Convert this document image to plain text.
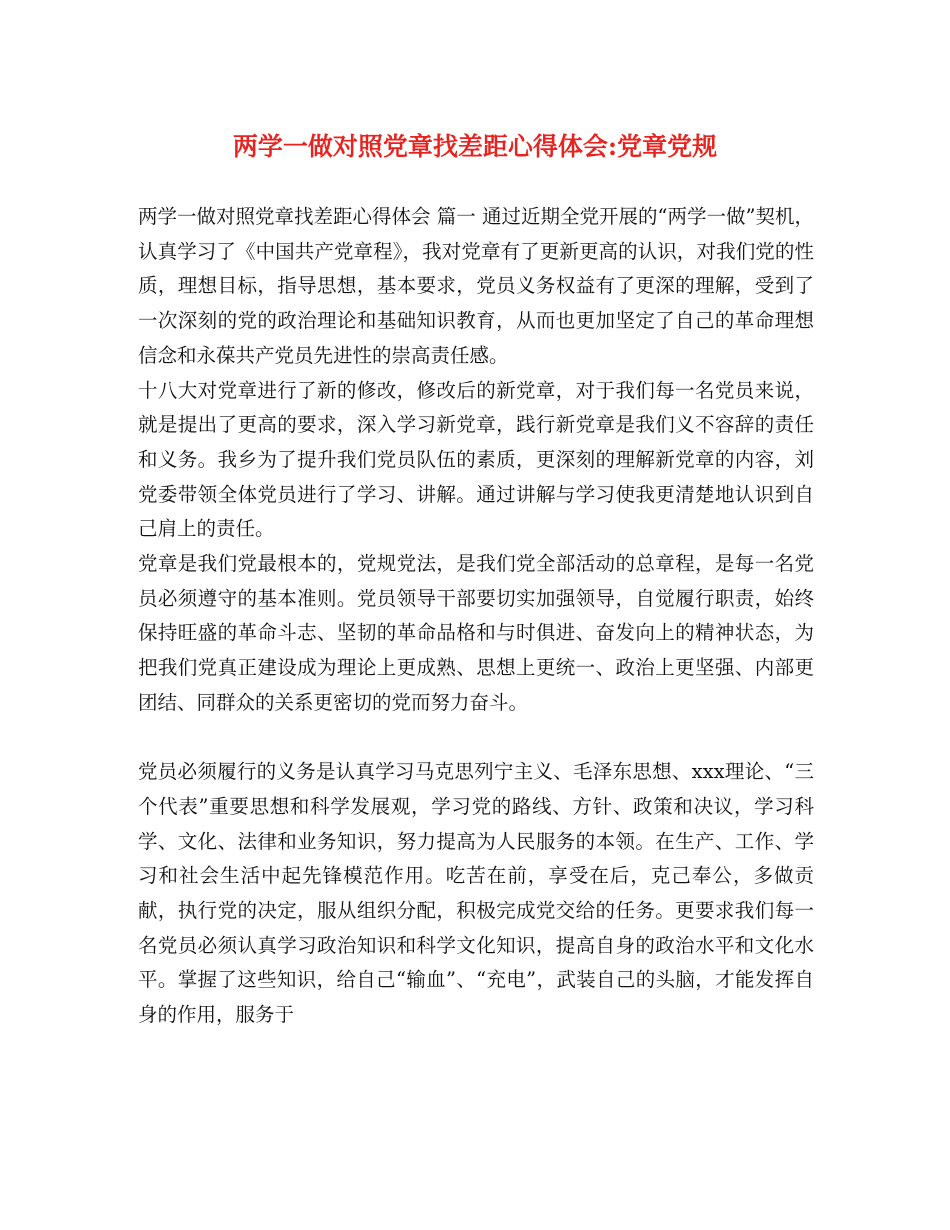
两学一做对照党章找差距心得体会:党章党规

两学一做对照党章找差距心得体会 篇一 通过近期全党开展的“两学一做”契机，认真学习了《中国共产党章程》，我对党章有了更新更高的认识，对我们党的性质，理想目标，指导思想，基本要求，党员义务权益有了更深的理解，受到了一次深刻的党的政治理论和基础知识教育，从而也更加坚定了自己的革命理想信念和永葆共产党员先进性的崇高责任感。

十八大对党章进行了新的修改，修改后的新党章，对于我们每一名党员来说，就是提出了更高的要求，深入学习新党章，践行新党章是我们义不容辞的责任和义务。我乡为了提升我们党员队伍的素质，更深刻的理解新党章的内容，刘党委带领全体党员进行了学习、讲解。通过讲解与学习使我更清楚地认识到自己肩上的责任。

党章是我们党最根本的，党规党法，是我们党全部活动的总章程，是每一名党员必须遵守的基本准则。党员领导干部要切实加强领导，自觉履行职责，始终保持旺盛的革命斗志、坚韧的革命品格和与时俱进、奋发向上的精神状态，为把我们党真正建设成为理论上更成熟、思想上更统一、政治上更坚强、内部更团结、同群众的关系更密切的党而努力奋斗。

党员必须履行的义务是认真学习马克思列宁主义、毛泽东思想、xxx理论、“三个代表”重要思想和科学发展观，学习党的路线、方针、政策和决议，学习科学、文化、法律和业务知识，努力提高为人民服务的本领。在生产、工作、学习和社会生活中起先锋模范作用。吃苦在前，享受在后，克己奉公，多做贡献，执行党的决定，服从组织分配，积极完成党交给的任务。更要求我们每一名党员必须认真学习政治知识和科学文化知识，提高自身的政治水平和文化水平。掌握了这些知识，给自己“输血”、“充电”，武装自己的头脑，才能发挥自身的作用，服务于
